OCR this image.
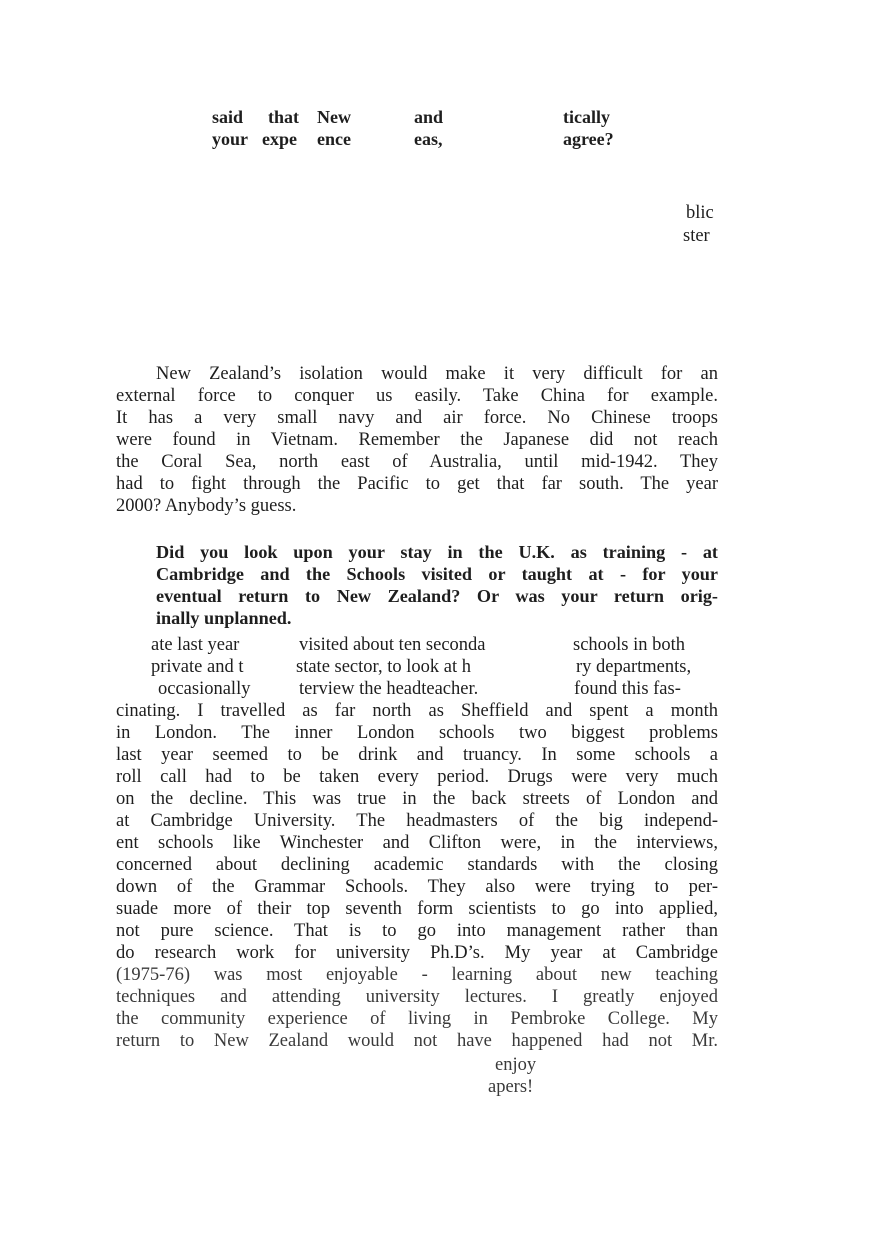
said that New	and	tically
your expe ence	eas,	agree?
blic
ster
New Zealand’s isolation would make it very difficult for an
external force to conquer us easily. Take China for example.
It has a very small navy and air force. No Chinese troops
were found in Vietnam. Remember the Japanese did not reach
the Coral Sea, north east of Australia, until mid-1942. They
had to fight through the Pacific to get that far south. The year
2000? Anybody’s guess.
Did you look upon your stay in the U.K. as training - at
Cambridge and the Schools visited or taught at - for your
eventual return to New Zealand? Or was your return orig-
inally unplanned.
ate last year	visited about ten seconda	schools in both
private and t	state sector, to look at h	ry departments,
occasionally	terview the headteacher.	found this fas-
cinating. I travelled as far north as Sheffield and spent a month
in London. The inner London schools two biggest problems
last year seemed to be drink and truancy. In some schools a
roll call had to be taken every period. Drugs were very much
on the decline. This was true in the back streets of London and
at Cambridge University. The headmasters of the big independ-
ent schools like Winchester and Clifton were, in the interviews,
concerned about declining academic standards with the closing
down of the Grammar Schools. They also were trying to per-
suade more of their top seventh form scientists to go into applied,
not pure science. That is to go into management rather than
do research work for university Ph.D’s. My year at Cambridge
(1975-76) was most enjoyable - learning about new teaching
techniques and attending university lectures. I greatly enjoyed
the community experience of living in Pembroke College. My
return to New Zealand would not have happened had not Mr.
enjoy
apers!
